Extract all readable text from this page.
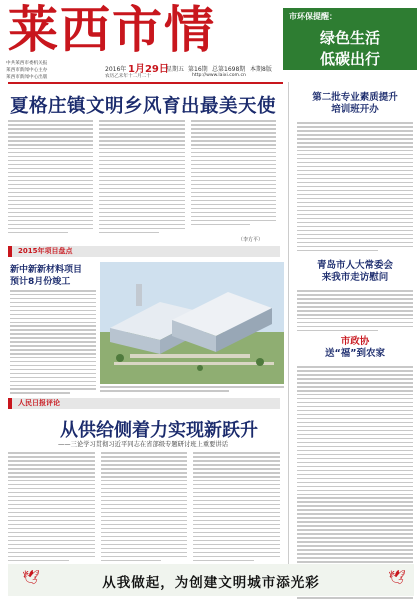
莱西市情	市环保提醒：
绿色生活
低碳出行
中共莱西市委机关报
莱西市新闻中心主办
莱西市新闻中心出版
2016年 1月29日
星期五 第16期 总第1698期 本期8版
农历乙未年十二月二十	http://www.laixi.com.cn
夏格庄镇文明乡风育出最美天使
（李方平）
第二批专业素质提升
培训班开办
青岛市人大常委会
来我市走访慰问
市政协
送“福”到农家
2015年项目盘点
新中新新材料项目
预计8月份竣工
人民日报评论
从供给侧着力实现新跃升
——三论学习贯彻习近平同志在省部级专题研讨班上重要讲话
🕊	🕊
从我做起，为创建文明城市添光彩
